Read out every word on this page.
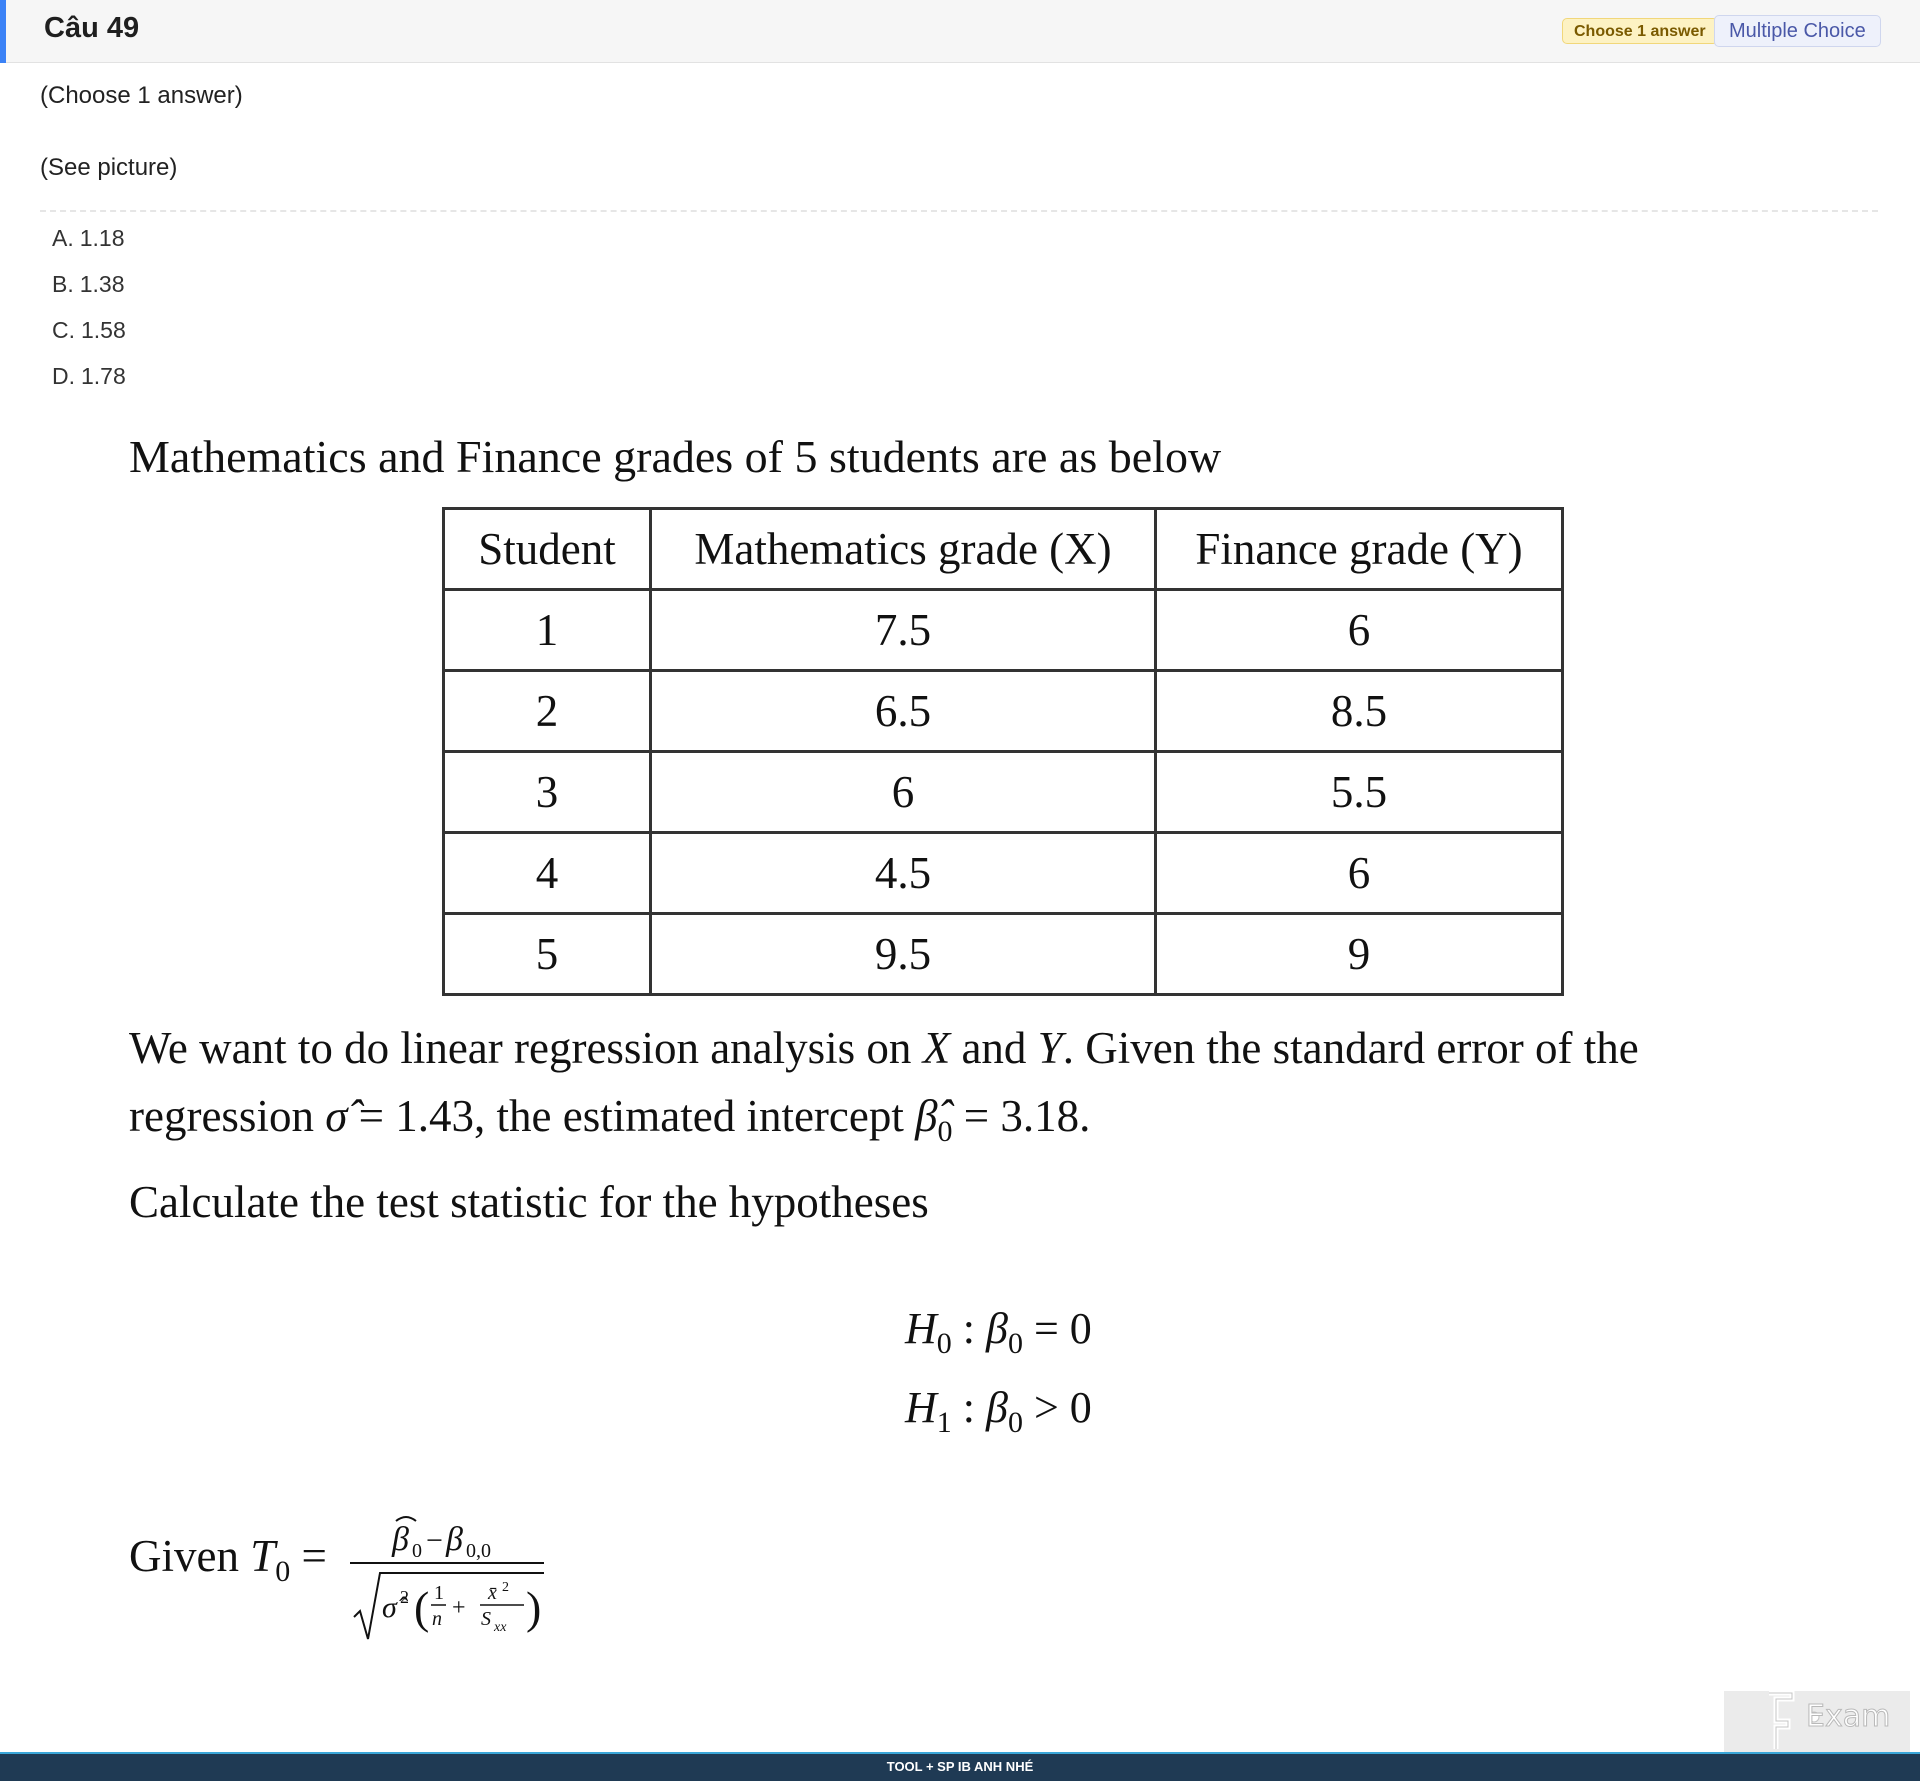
Câu 49	Choose 1 answer	Multiple Choice
(Choose 1 answer)
(See picture)
A. 1.18
B. 1.38
C. 1.58
D. 1.78
Mathematics and Finance grades of 5 students are as below
Student	Mathematics grade (X)	Finance grade (Y)
1	7.5	6
2	6.5	8.5
3	6	5.5
4	4.5	6
5	9.5	9
We want to do linear regression analysis on X and Y. Given the standard error of the
regression σ̂ = 1.43, the estimated intercept $\betâ_0 = 3.18$.
Calculate the test statistic for the hypotheses
$H_0$ : $\beta_0 = 0$
$H_1$ : $\beta_0 > 0$
Given $T_0 = \beta$ 0 − β 0,0
σ̂ 2 ( 1
n +
x̄ 2
S xx )
Exam
TOOL + SP IB ANH NHÉ
